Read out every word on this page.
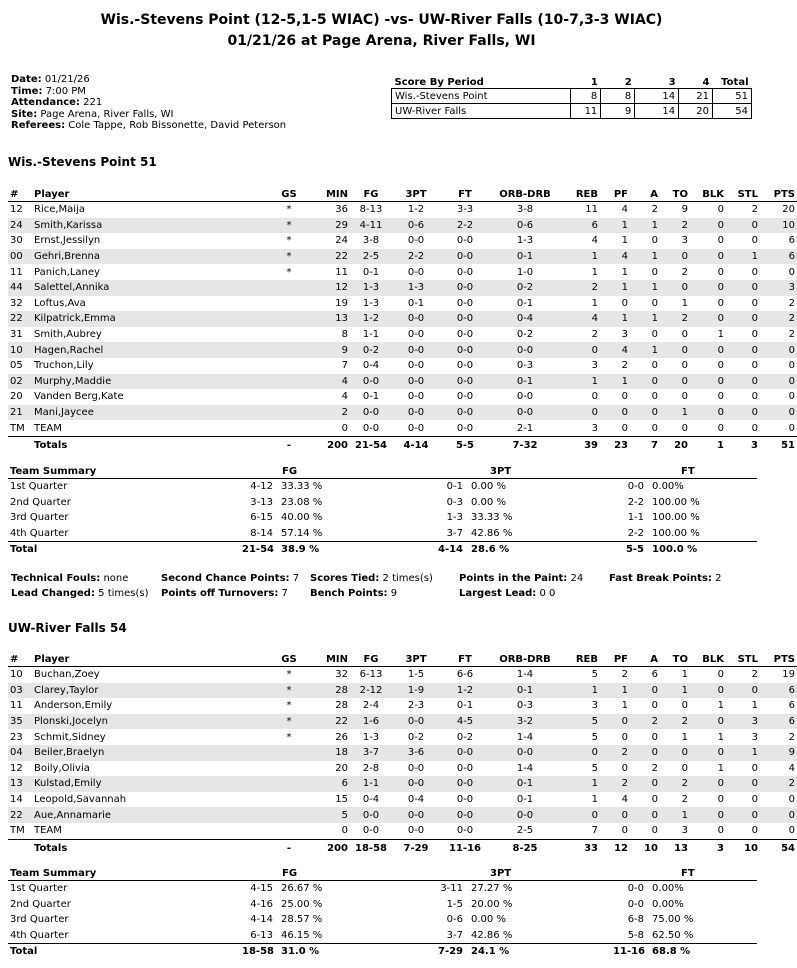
Wis.-Stevens Point (12-5,1-5 WIAC) -vs- UW-River Falls (10-7,3-3 WIAC)
01/21/26 at Page Arena, River Falls, WI
Date: 01/21/26
Time: 7:00 PM
Attendance: 221
Site: Page Arena, River Falls, WI
Referees: Cole Tappe, Rob Bissonette, David Peterson
Score By Period	1	2	3	4	Total
Wis.-Stevens Point	8	8	14	21	51
UW-River Falls	11	9	14	20	54
Wis.-Stevens Point 51
#	Player	GS	MIN	FG	3PT	FT	ORB-DRB	REB	PF	A	TO	BLK	STL	PTS
12	Rice,Maija	*	36	8-13	1-2	3-3	3-8	11	4	2	9	0	2	20
24	Smith,Karissa	*	29	4-11	0-6	2-2	0-6	6	1	1	2	0	0	10
30	Ernst,Jessilyn	*	24	3-8	0-0	0-0	1-3	4	1	0	3	0	0	6
00	Gehri,Brenna	*	22	2-5	2-2	0-0	0-1	1	4	1	0	0	1	6
11	Panich,Laney	*	11	0-1	0-0	0-0	1-0	1	1	0	2	0	0	0
44	Salettel,Annika		12	1-3	1-3	0-0	0-2	2	1	1	0	0	0	3
32	Loftus,Ava		19	1-3	0-1	0-0	0-1	1	0	0	1	0	0	2
22	Kilpatrick,Emma		13	1-2	0-0	0-0	0-4	4	1	1	2	0	0	2
31	Smith,Aubrey		8	1-1	0-0	0-0	0-2	2	3	0	0	1	0	2
10	Hagen,Rachel		9	0-2	0-0	0-0	0-0	0	4	1	0	0	0	0
05	Truchon,Lily		7	0-4	0-0	0-0	0-3	3	2	0	0	0	0	0
02	Murphy,Maddie		4	0-0	0-0	0-0	0-1	1	1	0	0	0	0	0
20	Vanden Berg,Kate		4	0-1	0-0	0-0	0-0	0	0	0	0	0	0	0
21	Mani,Jaycee		2	0-0	0-0	0-0	0-0	0	0	0	1	0	0	0
TM	TEAM		0	0-0	0-0	0-0	2-1	3	0	0	0	0	0	0
	Totals	-	200	21-54	4-14	5-5	7-32	39	23	7	20	1	3	51
Team Summary	FG		3PT		FT	
1st Quarter	4-12	33.33 %	0-1	0.00 %	0-0	0.00%
2nd Quarter	3-13	23.08 %	0-3	0.00 %	2-2	100.00 %
3rd Quarter	6-15	40.00 %	1-3	33.33 %	1-1	100.00 %
4th Quarter	8-14	57.14 %	3-7	42.86 %	2-2	100.00 %
Total	21-54	38.9 %	4-14	28.6 %	5-5	100.0 %
Technical Fouls: none	Second Chance Points: 7 Scores Tied: 2 times(s)	Points in the Paint: 24	Fast Break Points: 2
Lead Changed: 5 times(s) Points off Turnovers: 7 Bench Points: 9	Largest Lead: 0 0
UW-River Falls 54
#	Player	GS	MIN	FG	3PT	FT	ORB-DRB	REB	PF	A	TO	BLK	STL	PTS
10	Buchan,Zoey	*	32	6-13	1-5	6-6	1-4	5	2	6	1	0	2	19
03	Clarey,Taylor	*	28	2-12	1-9	1-2	0-1	1	1	0	1	0	0	6
11	Anderson,Emily	*	28	2-4	2-3	0-1	0-3	3	1	0	0	1	1	6
35	Plonski,Jocelyn	*	22	1-6	0-0	4-5	3-2	5	0	2	2	0	3	6
23	Schmit,Sidney	*	26	1-3	0-2	0-2	1-4	5	0	0	1	1	3	2
04	Beiler,Braelyn		18	3-7	3-6	0-0	0-0	0	2	0	0	0	1	9
12	Boily,Olivia		20	2-8	0-0	0-0	1-4	5	0	2	0	1	0	4
13	Kulstad,Emily		6	1-1	0-0	0-0	0-1	1	2	0	2	0	0	2
14	Leopold,Savannah		15	0-4	0-4	0-0	0-1	1	4	0	2	0	0	0
22	Aue,Annamarie		5	0-0	0-0	0-0	0-0	0	0	0	1	0	0	0
TM	TEAM		0	0-0	0-0	0-0	2-5	7	0	0	3	0	0	0
	Totals	-	200	18-58	7-29	11-16	8-25	33	12	10	13	3	10	54
Team Summary	FG		3PT		FT	
1st Quarter	4-15	26.67 %	3-11	27.27 %	0-0	0.00%
2nd Quarter	4-16	25.00 %	1-5	20.00 %	0-0	0.00%
3rd Quarter	4-14	28.57 %	0-6	0.00 %	6-8	75.00 %
4th Quarter	6-13	46.15 %	3-7	42.86 %	5-8	62.50 %
Total	18-58	31.0 %	7-29	24.1 %	11-16	68.8 %
